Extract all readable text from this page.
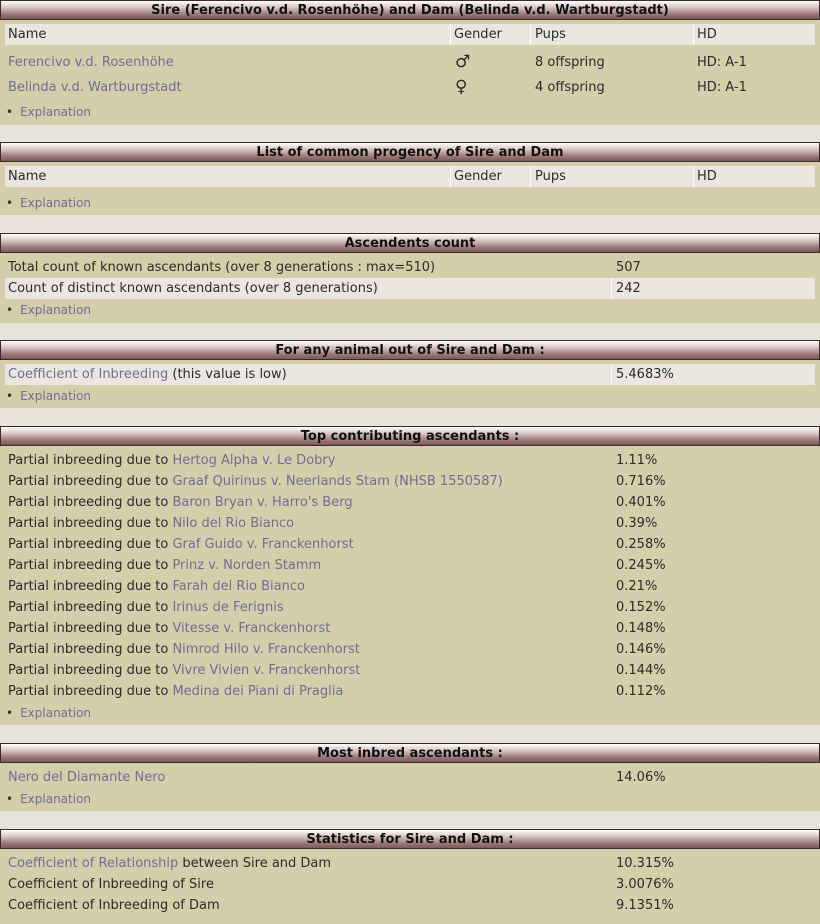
Sire (Ferencivo v.d. Rosenhöhe) and Dam (Belinda v.d. Wartburgstadt)
Name	Gender	Pups	HD
Ferencivo v.d. Rosenhöhe	♂	8 offspring	HD: A-1
Belinda v.d. Wartburgstadt	♀	4 offspring	HD: A-1
• Explanation
List of common progency of Sire and Dam
Name	Gender	Pups	HD
• Explanation
Ascendents count
Total count of known ascendants (over 8 generations : max=510)	507
Count of distinct known ascendants (over 8 generations)	242
• Explanation
For any animal out of Sire and Dam :
Coefficient of Inbreeding (this value is low)	5.4683%
• Explanation
Top contributing ascendants :
Partial inbreeding due to Hertog Alpha v. Le Dobry	1.11%
Partial inbreeding due to Graaf Quirinus v. Neerlands Stam (NHSB 1550587)	0.716%
Partial inbreeding due to Baron Bryan v. Harro's Berg	0.401%
Partial inbreeding due to Nilo del Rio Bianco	0.39%
Partial inbreeding due to Graf Guido v. Franckenhorst	0.258%
Partial inbreeding due to Prinz v. Norden Stamm	0.245%
Partial inbreeding due to Farah del Rio Bianco	0.21%
Partial inbreeding due to Irinus de Ferignis	0.152%
Partial inbreeding due to Vitesse v. Franckenhorst	0.148%
Partial inbreeding due to Nimrod Hilo v. Franckenhorst	0.146%
Partial inbreeding due to Vivre Vivien v. Franckenhorst	0.144%
Partial inbreeding due to Medina dei Piani di Praglia	0.112%
• Explanation
Most inbred ascendants :
Nero del Diamante Nero	14.06%
• Explanation
Statistics for Sire and Dam :
Coefficient of Relationship between Sire and Dam	10.315%
Coefficient of Inbreeding of Sire	3.0076%
Coefficient of Inbreeding of Dam	9.1351%
